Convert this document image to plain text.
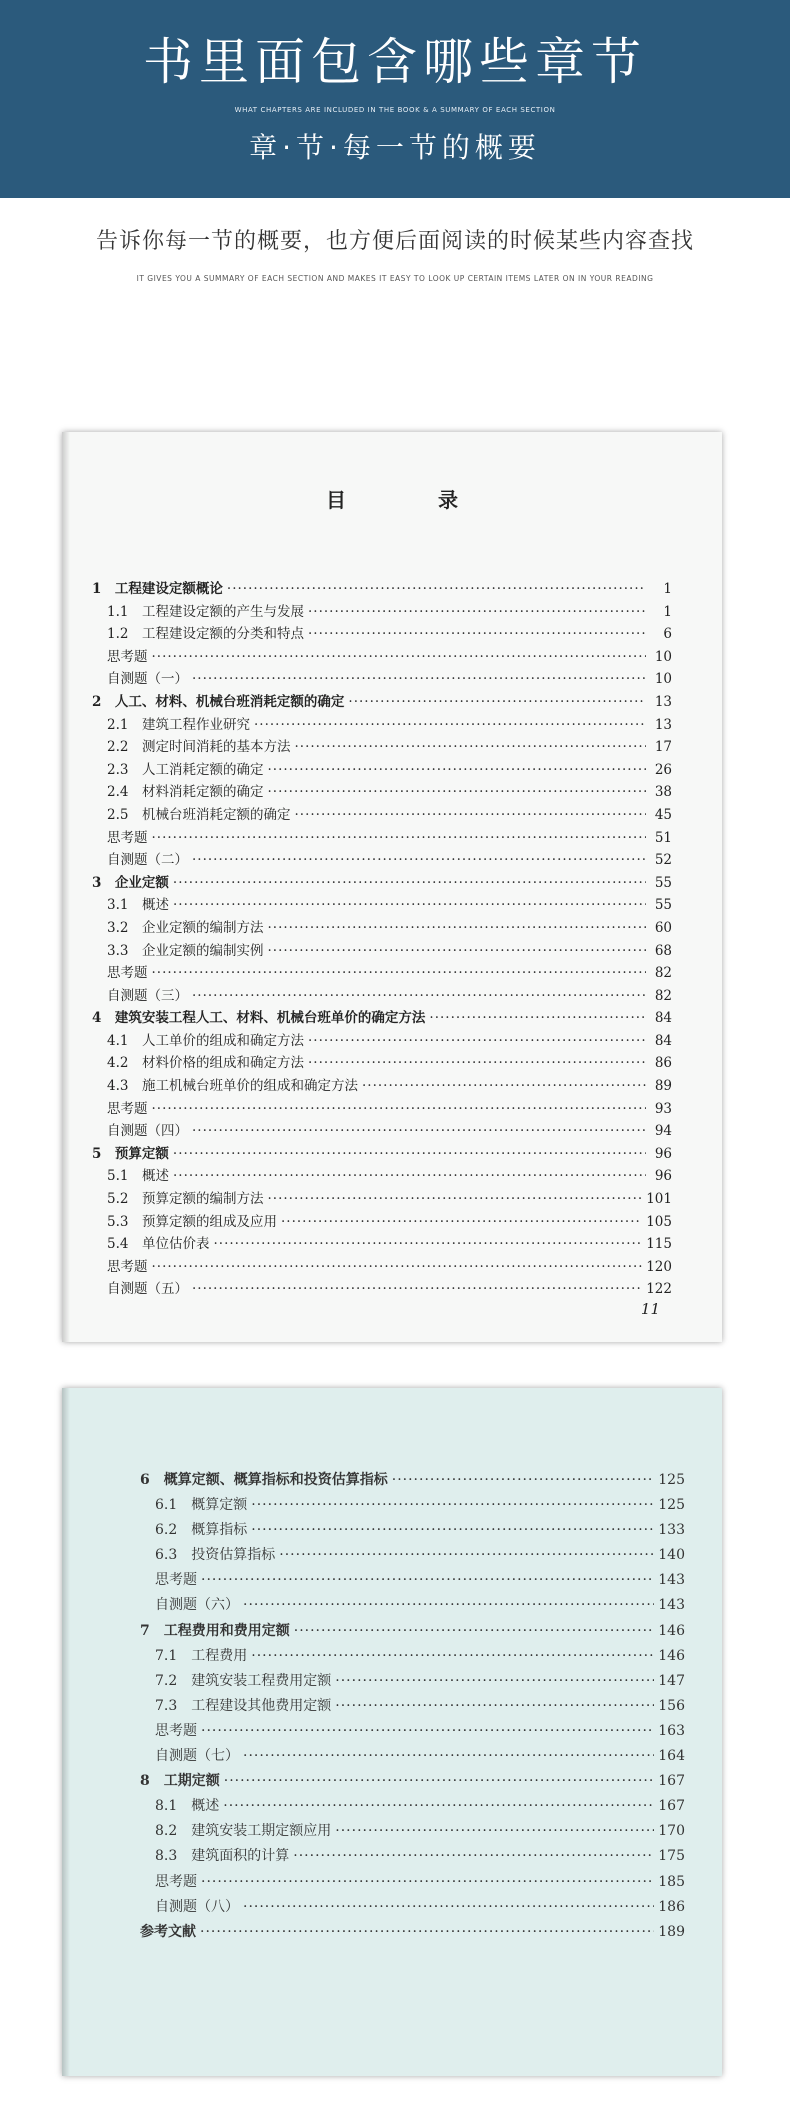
书里面包含哪些章节
WHAT CHAPTERS ARE INCLUDED IN THE BOOK & A SUMMARY OF EACH SECTION
章·节·每一节的概要
告诉你每一节的概要，也方便后面阅读的时候某些内容查找
IT GIVES YOU A SUMMARY OF EACH SECTION AND MAKES IT EASY TO LOOK UP CERTAIN ITEMS LATER ON IN YOUR READING
目　录
1　工程建设定额概论 ·····	1
1.1　工程建设定额的产生与发展 ·····	1
1.2　工程建设定额的分类和特点 ·····	6
思考题 ·····	10
自测题（一） ·····	10
2　人工、材料、机械台班消耗定额的确定 ·····	13
2.1　建筑工程作业研究 ·····	13
2.2　测定时间消耗的基本方法 ·····	17
2.3　人工消耗定额的确定 ·····	26
2.4　材料消耗定额的确定 ·····	38
2.5　机械台班消耗定额的确定 ·····	45
思考题 ·····	51
自测题（二） ·····	52
3　企业定额 ·····	55
3.1　概述 ·····	55
3.2　企业定额的编制方法 ·····	60
3.3　企业定额的编制实例 ·····	68
思考题 ·····	82
自测题（三） ·····	82
4　建筑安装工程人工、材料、机械台班单价的确定方法 ·····	84
4.1　人工单价的组成和确定方法 ·····	84
4.2　材料价格的组成和确定方法 ·····	86
4.3　施工机械台班单价的组成和确定方法 ·····	89
思考题 ·····	93
自测题（四） ·····	94
5　预算定额 ·····	96
5.1　概述 ·····	96
5.2　预算定额的编制方法 ·····	101
5.3　预算定额的组成及应用 ·····	105
5.4　单位估价表 ·····	115
思考题 ·····	120
自测题（五） ·····	122
11
6　概算定额、概算指标和投资估算指标 ·····	125
6.1　概算定额 ·····	125
6.2　概算指标 ·····	133
6.3　投资估算指标 ·····	140
思考题 ·····	143
自测题（六） ·····	143
7　工程费用和费用定额 ·····	146
7.1　工程费用 ·····	146
7.2　建筑安装工程费用定额 ·····	147
7.3　工程建设其他费用定额 ·····	156
思考题 ·····	163
自测题（七） ·····	164
8　工期定额 ·····	167
8.1　概述 ·····	167
8.2　建筑安装工期定额应用 ·····	170
8.3　建筑面积的计算 ·····	175
思考题 ·····	185
自测题（八） ·····	186
参考文献 ·····	189
